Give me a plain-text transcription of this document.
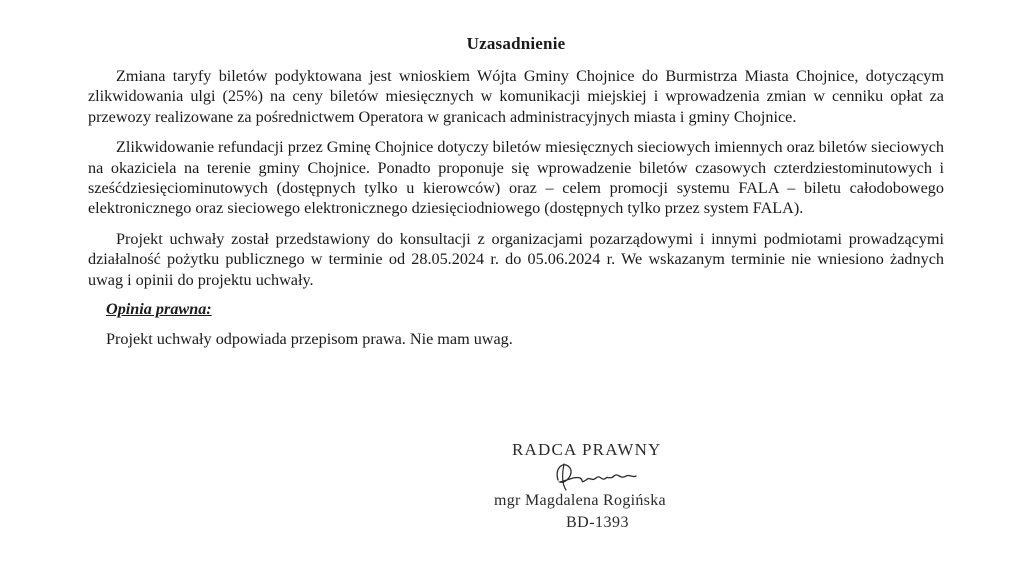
Uzasadnienie

Zmiana taryfy biletów podyktowana jest wnioskiem Wójta Gminy Chojnice do Burmistrza Miasta Chojnice, dotyczącym zlikwidowania ulgi (25%) na ceny biletów miesięcznych w komunikacji miejskiej i wprowadzenia zmian w cenniku opłat za przewozy realizowane za pośrednictwem Operatora w granicach administracyjnych miasta i gminy Chojnice.

Zlikwidowanie refundacji przez Gminę Chojnice dotyczy biletów miesięcznych sieciowych imiennych oraz biletów sieciowych na okaziciela na terenie gminy Chojnice. Ponadto proponuje się wprowadzenie biletów czasowych czterdziestominutowych i sześćdziesięciominutowych (dostępnych tylko u kierowców) oraz – celem promocji systemu FALA – biletu całodobowego elektronicznego oraz sieciowego elektronicznego dziesięciodniowego (dostępnych tylko przez system FALA).

Projekt uchwały został przedstawiony do konsultacji z organizacjami pozarządowymi i innymi podmiotami prowadzącymi działalność pożytku publicznego w terminie od 28.05.2024 r. do 05.06.2024 r. We wskazanym terminie nie wniesiono żadnych uwag i opinii do projektu uchwały.

Opinia prawna:
Projekt uchwały odpowiada przepisom prawa. Nie mam uwag.
RADCA PRAWNY
mgr Magdalena Rogińska
BD-1393
